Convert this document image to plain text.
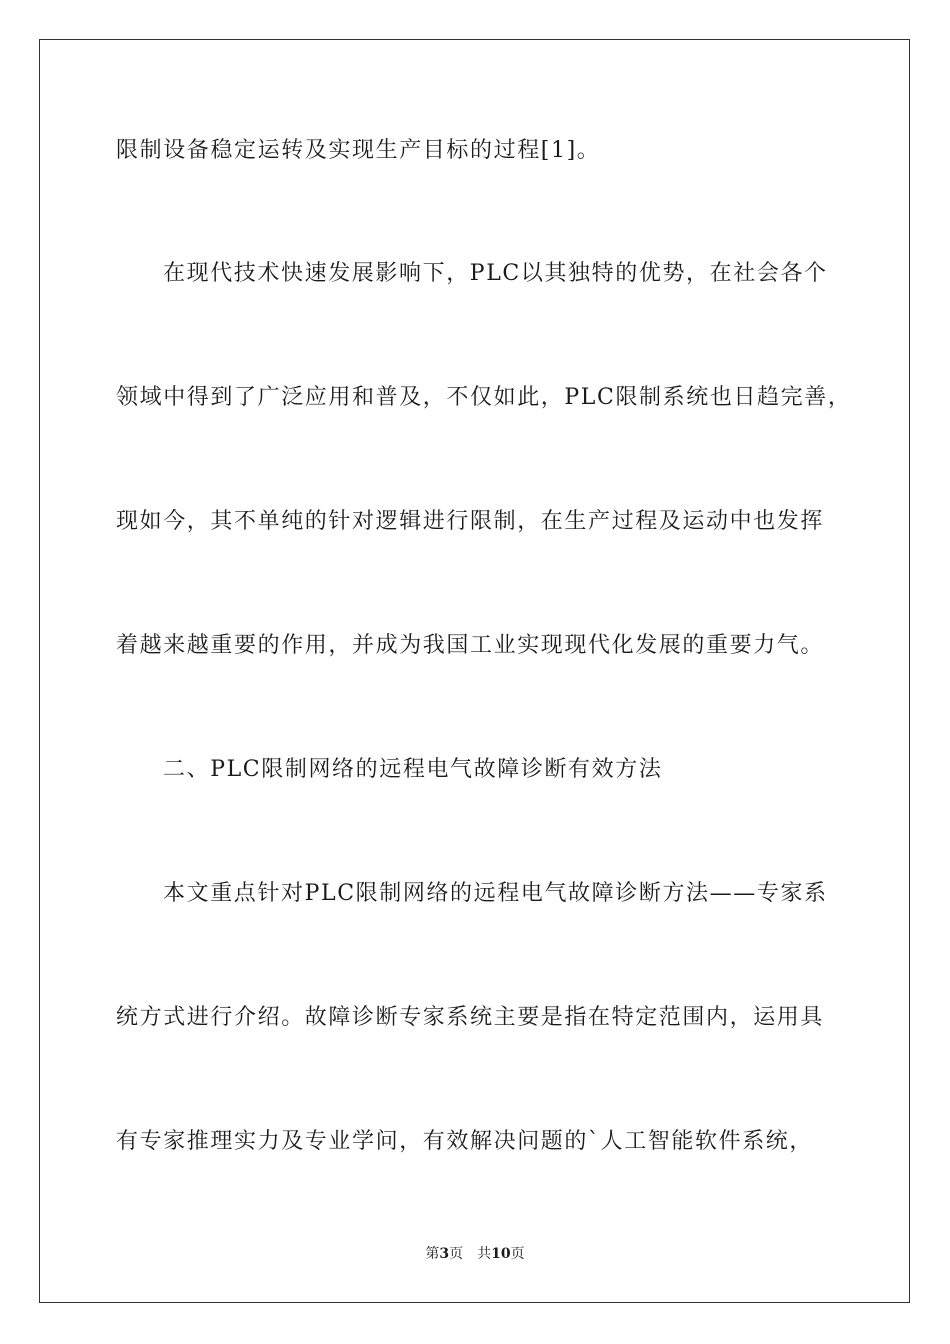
限制设备稳定运转及实现生产目标的过程[1]。

在现代技术快速发展影响下，PLC以其独特的优势，在社会各个

领域中得到了广泛应用和普及，不仅如此，PLC限制系统也日趋完善，

现如今，其不单纯的针对逻辑进行限制，在生产过程及运动中也发挥

着越来越重要的作用，并成为我国工业实现现代化发展的重要力气。

二、PLC限制网络的远程电气故障诊断有效方法

本文重点针对PLC限制网络的远程电气故障诊断方法——专家系

统方式进行介绍。故障诊断专家系统主要是指在特定范围内，运用具

有专家推理实力及专业学问，有效解决问题的`人工智能软件系统，

第3页 共10页
